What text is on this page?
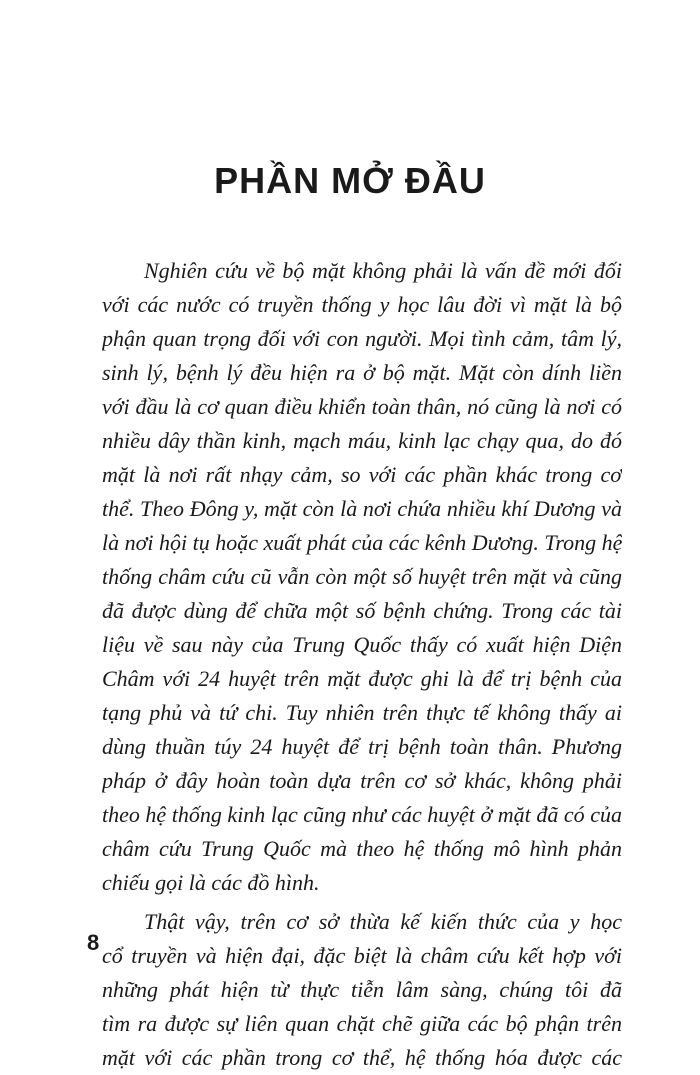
PHẦN MỞ ĐẦU

Nghiên cứu về bộ mặt không phải là vấn đề mới đối
với các nước có truyền thống y học lâu đời vì mặt là bộ
phận quan trọng đối với con người. Mọi tình cảm, tâm lý,
sinh lý, bệnh lý đều hiện ra ở bộ mặt. Mặt còn dính liền
với đầu là cơ quan điều khiển toàn thân, nó cũng là nơi có
nhiều dây thần kinh, mạch máu, kinh lạc chạy qua, do đó
mặt là nơi rất nhạy cảm, so với các phần khác trong cơ
thể. Theo Đông y, mặt còn là nơi chứa nhiều khí Dương và
là nơi hội tụ hoặc xuất phát của các kênh Dương. Trong hệ
thống châm cứu cũ vẫn còn một số huyệt trên mặt và cũng
đã được dùng để chữa một số bệnh chứng. Trong các tài
liệu về sau này của Trung Quốc thấy có xuất hiện Diện
Châm với 24 huyệt trên mặt được ghi là để trị bệnh của
tạng phủ và tứ chi. Tuy nhiên trên thực tế không thấy ai
dùng thuần túy 24 huyệt để trị bệnh toàn thân. Phương
pháp ở đây hoàn toàn dựa trên cơ sở khác, không phải
theo hệ thống kinh lạc cũng như các huyệt ở mặt đã có của
châm cứu Trung Quốc mà theo hệ thống mô hình phản
chiếu gọi là các đồ hình.

Thật vậy, trên cơ sở thừa kế kiến thức của y học
cổ truyền và hiện đại, đặc biệt là châm cứu kết hợp với
những phát hiện từ thực tiễn lâm sàng, chúng tôi đã
tìm ra được sự liên quan chặt chẽ giữa các bộ phận trên
mặt với các phần trong cơ thể, hệ thống hóa được các

8
